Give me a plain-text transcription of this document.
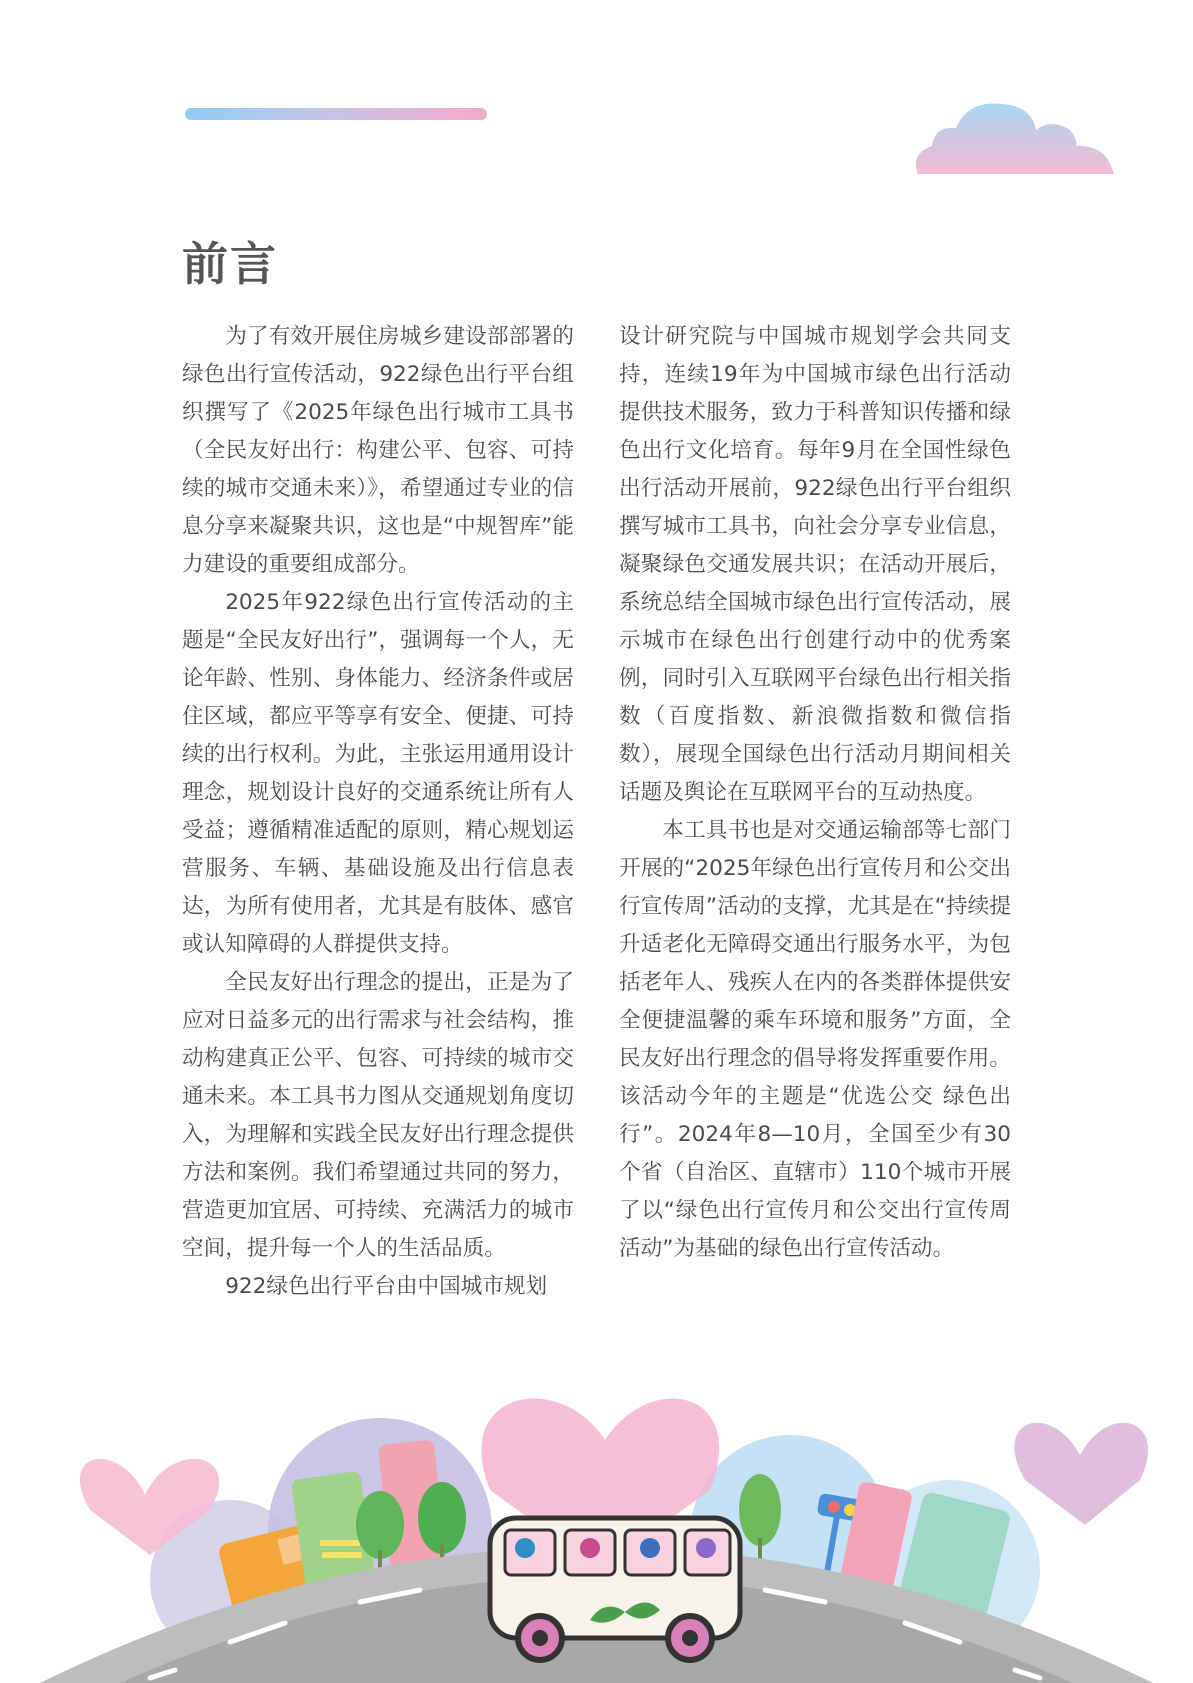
前言

为了有效开展住房城乡建设部部署的绿色出行宣传活动，922绿色出行平台组织撰写了《2025年绿色出行城市工具书（全民友好出行：构建公平、包容、可持续的城市交通未来）》，希望通过专业的信息分享来凝聚共识，这也是“中规智库”能力建设的重要组成部分。

2025年922绿色出行宣传活动的主题是“全民友好出行”，强调每一个人，无论年龄、性别、身体能力、经济条件或居住区域，都应平等享有安全、便捷、可持续的出行权利。为此，主张运用通用设计理念，规划设计良好的交通系统让所有人受益；遵循精准适配的原则，精心规划运营服务、车辆、基础设施及出行信息表达，为所有使用者，尤其是有肢体、感官或认知障碍的人群提供支持。

全民友好出行理念的提出，正是为了应对日益多元的出行需求与社会结构，推动构建真正公平、包容、可持续的城市交通未来。本工具书力图从交通规划角度切入，为理解和实践全民友好出行理念提供方法和案例。我们希望通过共同的努力，营造更加宜居、可持续、充满活力的城市空间，提升每一个人的生活品质。

922绿色出行平台由中国城市规划

设计研究院与中国城市规划学会共同支持，连续19年为中国城市绿色出行活动提供技术服务，致力于科普知识传播和绿色出行文化培育。每年9月在全国性绿色出行活动开展前，922绿色出行平台组织撰写城市工具书，向社会分享专业信息，凝聚绿色交通发展共识；在活动开展后，系统总结全国城市绿色出行宣传活动，展示城市在绿色出行创建行动中的优秀案例，同时引入互联网平台绿色出行相关指数（百度指数、新浪微指数和微信指数），展现全国绿色出行活动月期间相关话题及舆论在互联网平台的互动热度。

本工具书也是对交通运输部等七部门开展的“2025年绿色出行宣传月和公交出行宣传周”活动的支撑，尤其是在“持续提升适老化无障碍交通出行服务水平，为包括老年人、残疾人在内的各类群体提供安全便捷温馨的乘车环境和服务”方面，全民友好出行理念的倡导将发挥重要作用。该活动今年的主题是“优选公交 绿色出行”。2024年8—10月，全国至少有30个省（自治区、直辖市）110个城市开展了以“绿色出行宣传月和公交出行宣传周活动”为基础的绿色出行宣传活动。
